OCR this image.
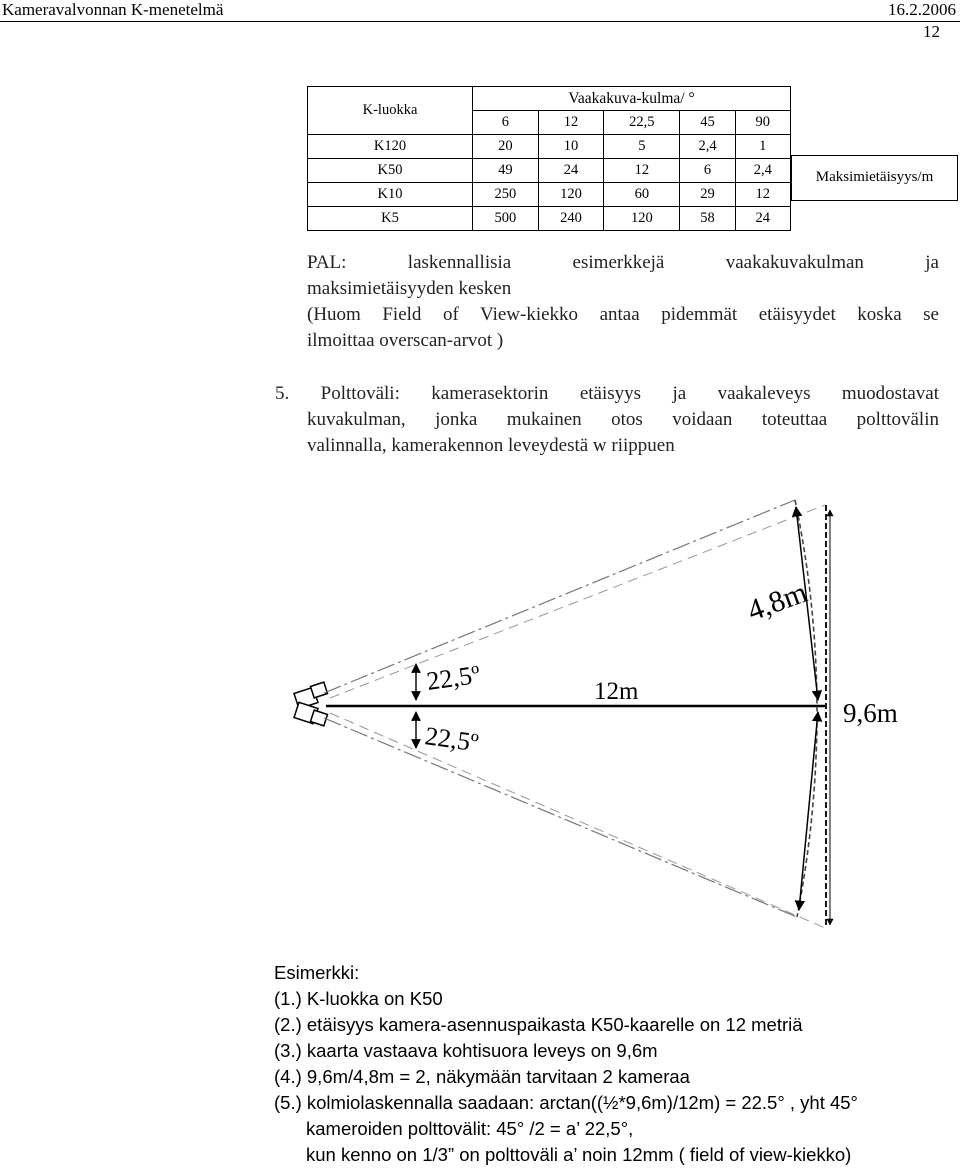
Kameravalvonnan K-menetelmä	16.2.2006
12
K-luokka	Vaakakuva-kulma/ °				
	6	12	22,5	45	90
K120	20	10	5	2,4	1
K50	49	24	12	6	2,4
K10	250	120	60	29	12
K5	500	240	120	58	24
Maksimietäisyys/m
PAL: laskennallisia esimerkkejä vaakakuvakulman ja
maksimietäisyyden kesken
(Huom Field of View-kiekko antaa pidemmät etäisyydet koska se
ilmoittaa overscan-arvot )
5. Polttoväli: kamerasektorin etäisyys ja vaakaleveys muodostavat
kuvakulman, jonka mukainen otos voidaan toteuttaa polttovälin
valinnalla, kamerakennon leveydestä w riippuen
22,5º
22,5º
12m
4,8m
9,6m
Esimerkki:
(1.) K-luokka on K50
(2.) etäisyys kamera-asennuspaikasta K50-kaarelle on 12 metriä
(3.) kaarta vastaava kohtisuora leveys on 9,6m
(4.) 9,6m/4,8m = 2, näkymään tarvitaan 2 kameraa
(5.) kolmiolaskennalla saadaan: arctan((½*9,6m)/12m) = 22.5° , yht 45°
kameroiden polttovälit: 45° /2 = a’ 22,5°,
kun kenno on 1/3” on polttoväli a’ noin 12mm ( field of view-kiekko)
